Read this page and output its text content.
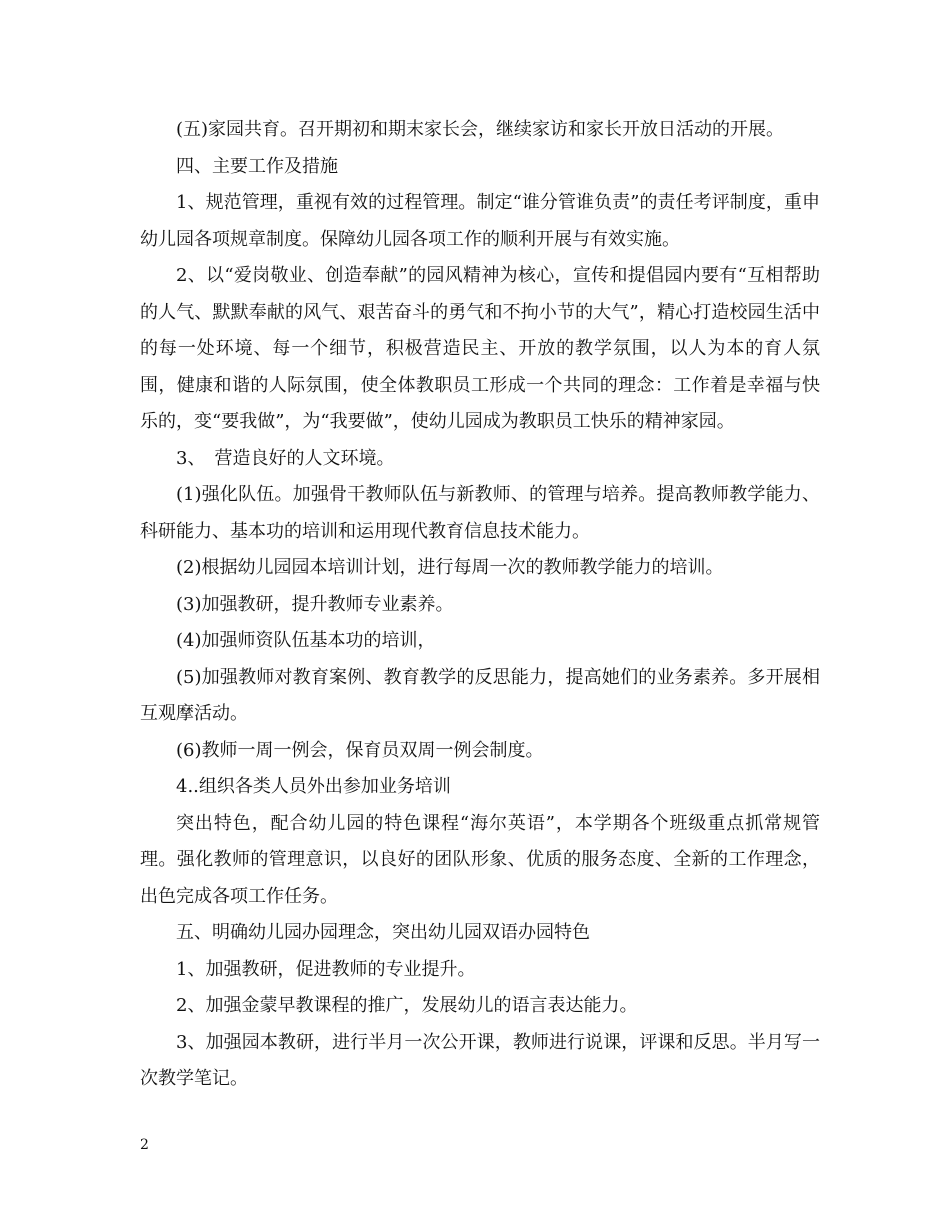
(五)家园共育。召开期初和期末家长会，继续家访和家长开放日活动的开展。

四、主要工作及措施

1、规范管理，重视有效的过程管理。制定“谁分管谁负责”的责任考评制度，重申幼儿园各项规章制度。保障幼儿园各项工作的顺利开展与有效实施。

2、以“爱岗敬业、创造奉献”的园风精神为核心，宣传和提倡园内要有“互相帮助的人气、默默奉献的风气、艰苦奋斗的勇气和不拘小节的大气”，精心打造校园生活中的每一处环境、每一个细节，积极营造民主、开放的教学氛围，以人为本的育人氛围，健康和谐的人际氛围，使全体教职员工形成一个共同的理念：工作着是幸福与快乐的，变“要我做”，为“我要做”，使幼儿园成为教职员工快乐的精神家园。

3、　营造良好的人文环境。

(1)强化队伍。加强骨干教师队伍与新教师、的管理与培养。提高教师教学能力、科研能力、基本功的培训和运用现代教育信息技术能力。

(2)根据幼儿园园本培训计划，进行每周一次的教师教学能力的培训。

(3)加强教研，提升教师专业素养。

(4)加强师资队伍基本功的培训，

(5)加强教师对教育案例、教育教学的反思能力，提高她们的业务素养。多开展相互观摩活动。

(6)教师一周一例会，保育员双周一例会制度。

4..组织各类人员外出参加业务培训

突出特色，配合幼儿园的特色课程“海尔英语”，本学期各个班级重点抓常规管理。强化教师的管理意识，以良好的团队形象、优质的服务态度、全新的工作理念，出色完成各项工作任务。

五、明确幼儿园办园理念，突出幼儿园双语办园特色

1、加强教研，促进教师的专业提升。

2、加强金蒙早教课程的推广，发展幼儿的语言表达能力。

3、加强园本教研，进行半月一次公开课，教师进行说课，评课和反思。半月写一次教学笔记。

2
